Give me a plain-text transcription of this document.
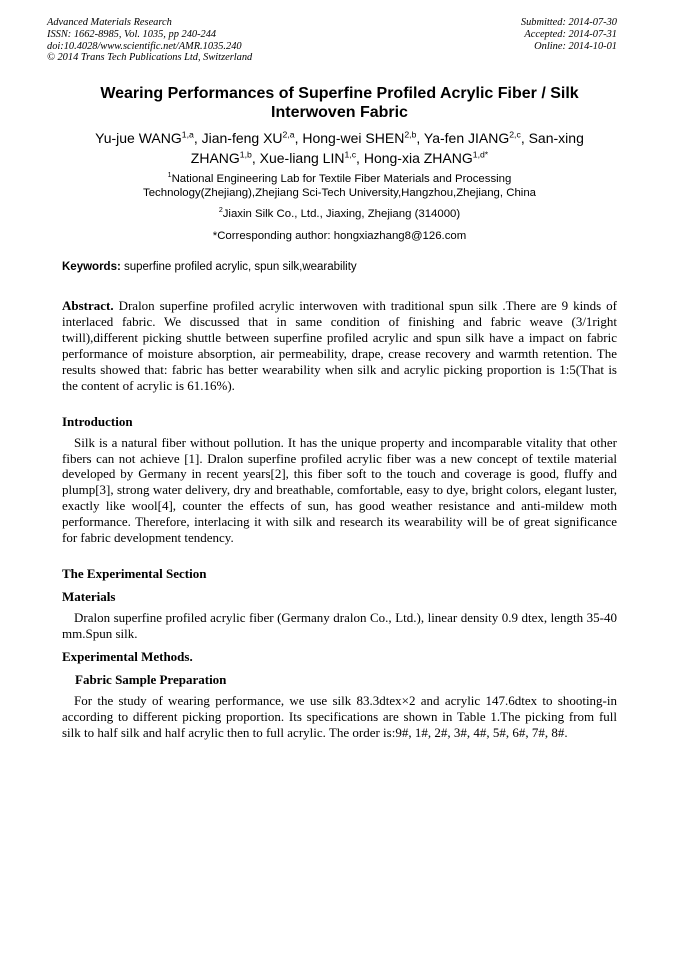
Advanced Materials Research
ISSN: 1662-8985, Vol. 1035, pp 240-244
doi:10.4028/www.scientific.net/AMR.1035.240
© 2014 Trans Tech Publications Ltd, Switzerland
Submitted: 2014-07-30
Accepted: 2014-07-31
Online: 2014-10-01
Wearing Performances of Superfine Profiled Acrylic Fiber / Silk Interwoven Fabric
Yu-jue WANG$^{1,a}$, Jian-feng XU$^{2,a}$, Hong-wei SHEN$^{2,b}$, Ya-fen JIANG$^{2,c}$, San-xing ZHANG$^{1,b}$, Xue-liang LIN$^{1,c}$, Hong-xia $ZHANG^{1,d*}$
$^1$National Engineering Lab for Textile Fiber Materials and Processing Technology(Zhejiang),Zhejiang Sci-Tech University,Hangzhou,Zhejiang, China
$^2$Jiaxin Silk Co., Ltd., Jiaxing, Zhejiang (314000)
*Corresponding author: hongxiazhang8@126.com

Keywords: superfine profiled acrylic, spun silk,wearability

Abstract. Dralon superfine profiled acrylic interwoven with traditional spun silk .There are 9 kinds of interlaced fabric. We discussed that in same condition of finishing and fabric weave (3/1right twill),different picking shuttle between superfine profiled acrylic and spun silk have a impact on fabric performance of moisture absorption, air permeability, drape, crease recovery and warmth retention. The results showed that: fabric has better wearability when silk and acrylic picking proportion is 1:5(That is the content of acrylic is 61.16%).

Introduction

Silk is a natural fiber without pollution. It has the unique property and incomparable vitality that other fibers can not achieve [1]. Dralon superfine profiled acrylic fiber was a new concept of textile material developed by Germany in recent years[2], this fiber soft to the touch and coverage is good, fluffy and plump[3], strong water delivery, dry and breathable, comfortable, easy to dye, bright colors, elegant luster, exactly like wool[4], counter the effects of sun, has good weather resistance and anti-mildew moth performance. Therefore, interlacing it with silk and research its wearability will be of great significance for fabric development tendency.

The Experimental Section
Materials

Dralon superfine profiled acrylic fiber (Germany dralon Co., Ltd.), linear density 0.9 dtex, length 35-40 mm.Spun silk.

Experimental Methods.
Fabric Sample Preparation

For the study of wearing performance, we use silk 83.3dtex×2 and acrylic 147.6dtex to shooting-in according to different picking proportion. Its specifications are shown in Table 1.The picking from full silk to half silk and half acrylic then to full acrylic. The order is:9#, 1#, 2#, 3#, 4#, 5#, 6#, 7#, 8#.
